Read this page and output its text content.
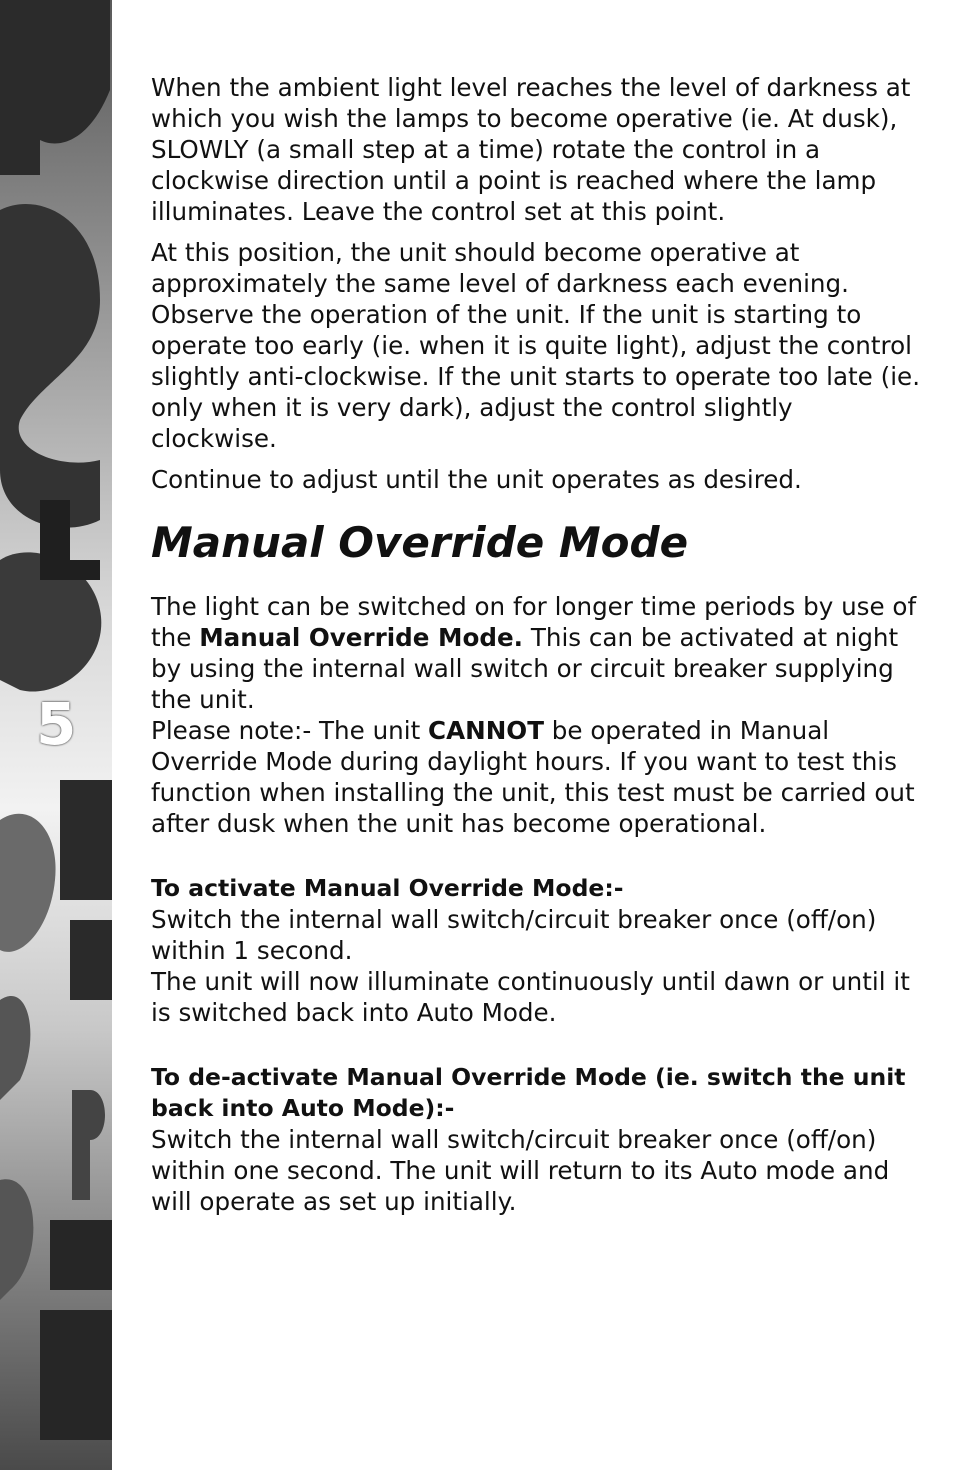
5

When the ambient light level reaches the level of darkness at which you wish the lamps to become operative (ie. At dusk), SLOWLY (a small step at a time) rotate the control in a clockwise direction until a point is reached where the lamp illuminates. Leave the control set at this point.

At this position, the unit should become operative at approximately the same level of darkness each evening. Observe the operation of the unit. If the unit is starting to operate too early (ie. when it is quite light), adjust the control slightly anti-clockwise. If the unit starts to operate too late (ie. only when it is very dark), adjust the control slightly clockwise.

Continue to adjust until the unit operates as desired.

Manual Override Mode

The light can be switched on for longer time periods by use of the Manual Override Mode. This can be activated at night by using the internal wall switch or circuit breaker supplying the unit.

Please note:- The unit CANNOT be operated in Manual Override Mode during daylight hours. If you want to test this function when installing the unit, this test must be carried out after dusk when the unit has become operational.

To activate Manual Override Mode:-

Switch the internal wall switch/circuit breaker once (off/on) within 1 second.

The unit will now illuminate continuously until dawn or until it is switched back into Auto Mode.

To de-activate Manual Override Mode (ie. switch the unit back into Auto Mode):-

Switch the internal wall switch/circuit breaker once (off/on) within one second. The unit will return to its Auto mode and will operate as set up initially.
